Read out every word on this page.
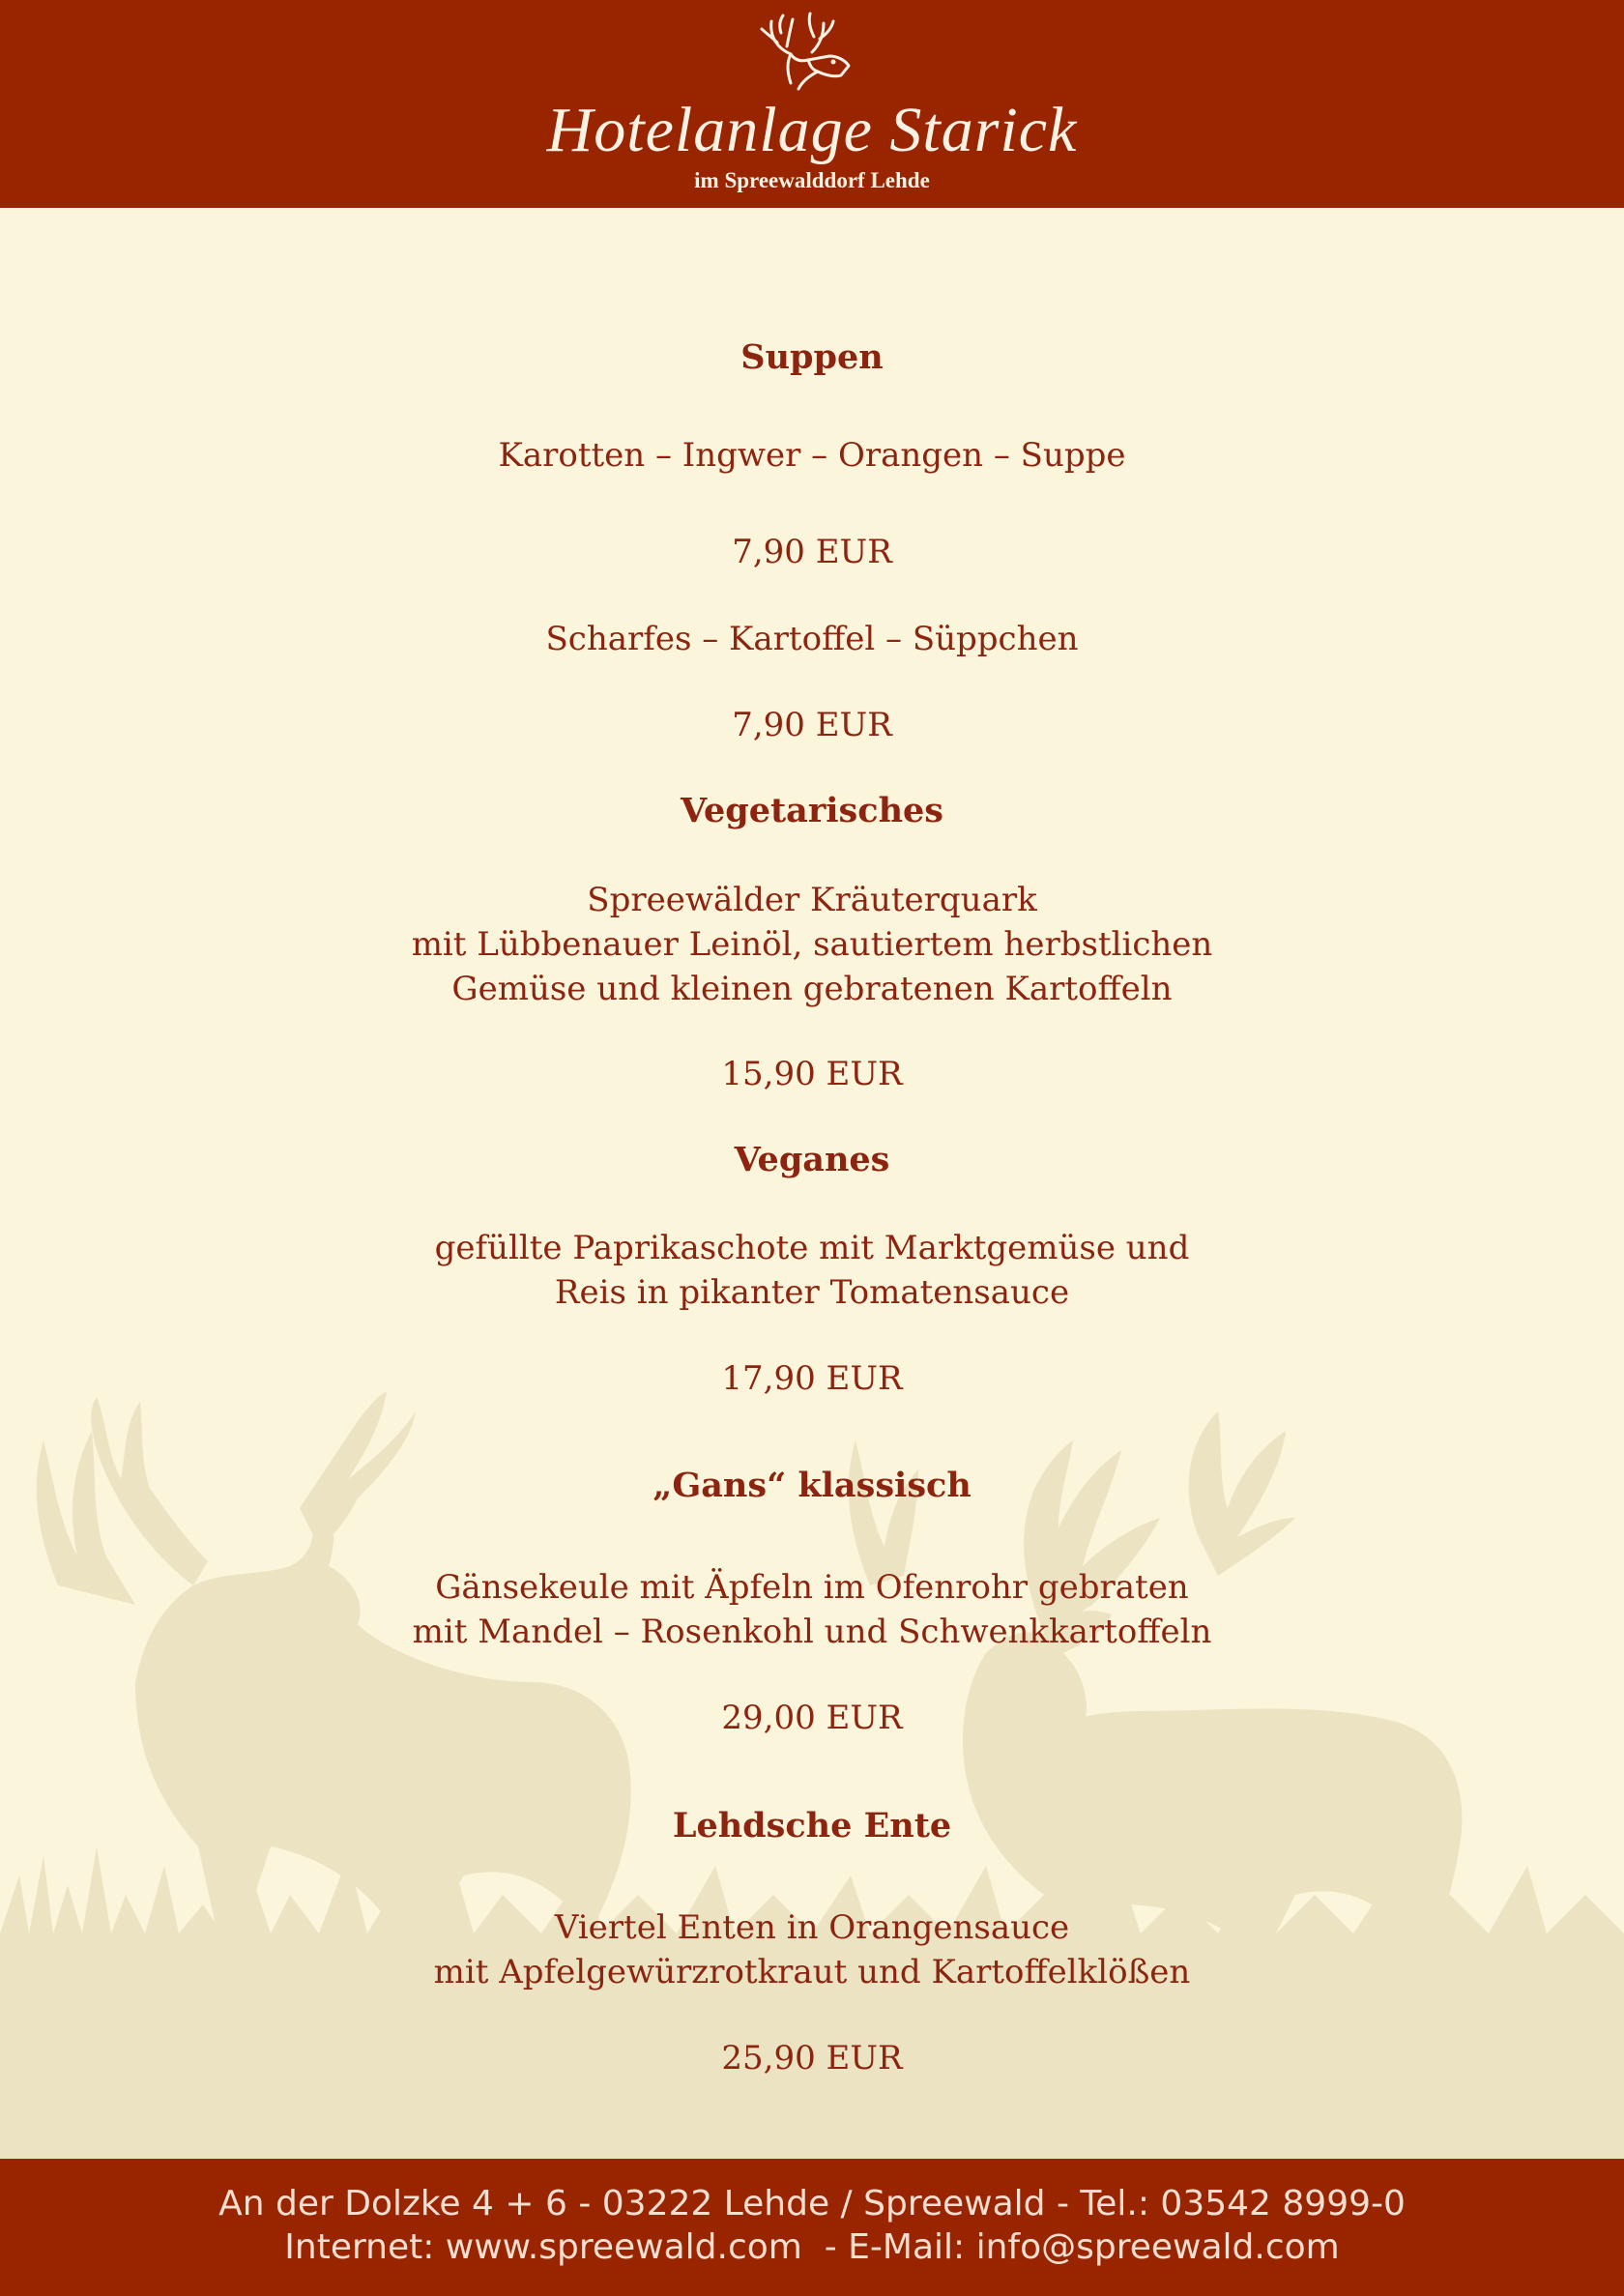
Hotelanlage Starick
im Spreewalddorf Lehde
Suppen
Karotten – Ingwer – Orangen – Suppe
7,90 EUR
Scharfes – Kartoffel – Süppchen
7,90 EUR
Vegetarisches
Spreewälder Kräuterquark
mit Lübbenauer Leinöl, sautiertem herbstlichen
Gemüse und kleinen gebratenen Kartoffeln
15,90 EUR
Veganes
gefüllte Paprikaschote mit Marktgemüse und
Reis in pikanter Tomatensauce
17,90 EUR
„Gans“ klassisch
Gänsekeule mit Äpfeln im Ofenrohr gebraten
mit Mandel – Rosenkohl und Schwenkkartoffeln
29,00 EUR
Lehdsche Ente
Viertel Enten in Orangensauce
mit Apfelgewürzrotkraut und Kartoffelklößen
25,90 EUR
An der Dolzke 4 + 6 - 03222 Lehde / Spreewald - Tel.: 03542 8999-0
Internet: www.spreewald.com  - E-Mail: info@spreewald.com
